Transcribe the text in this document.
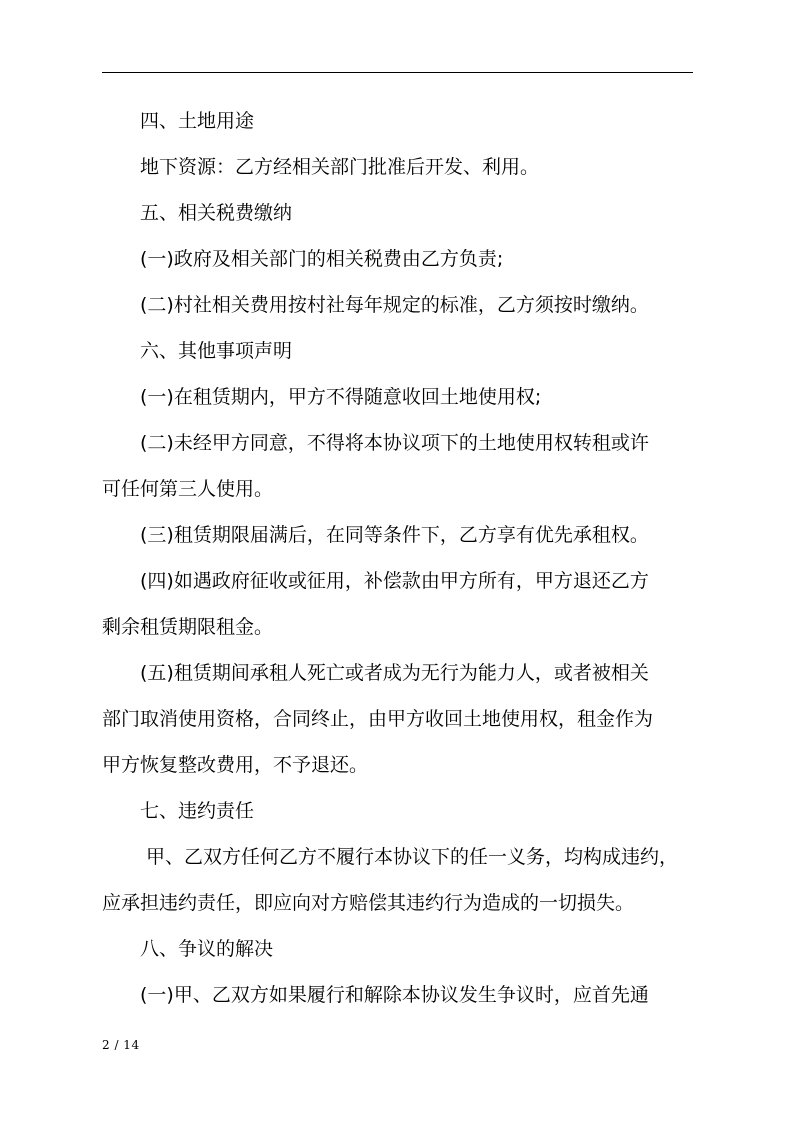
四、土地用途
地下资源：乙方经相关部门批准后开发、利用。
五、相关税费缴纳
(一)政府及相关部门的相关税费由乙方负责;
(二)村社相关费用按村社每年规定的标准，乙方须按时缴纳。
六、其他事项声明
(一)在租赁期内，甲方不得随意收回土地使用权;
(二)未经甲方同意，不得将本协议项下的土地使用权转租或许
可任何第三人使用。
(三)租赁期限届满后，在同等条件下，乙方享有优先承租权。
(四)如遇政府征收或征用，补偿款由甲方所有，甲方退还乙方
剩余租赁期限租金。
(五)租赁期间承租人死亡或者成为无行为能力人，或者被相关
部门取消使用资格，合同终止，由甲方收回土地使用权，租金作为
甲方恢复整改费用，不予退还。
七、违约责任
甲、乙双方任何乙方不履行本协议下的任一义务，均构成违约，
应承担违约责任，即应向对方赔偿其违约行为造成的一切损失。
八、争议的解决
(一)甲、乙双方如果履行和解除本协议发生争议时，应首先通
2 / 14
